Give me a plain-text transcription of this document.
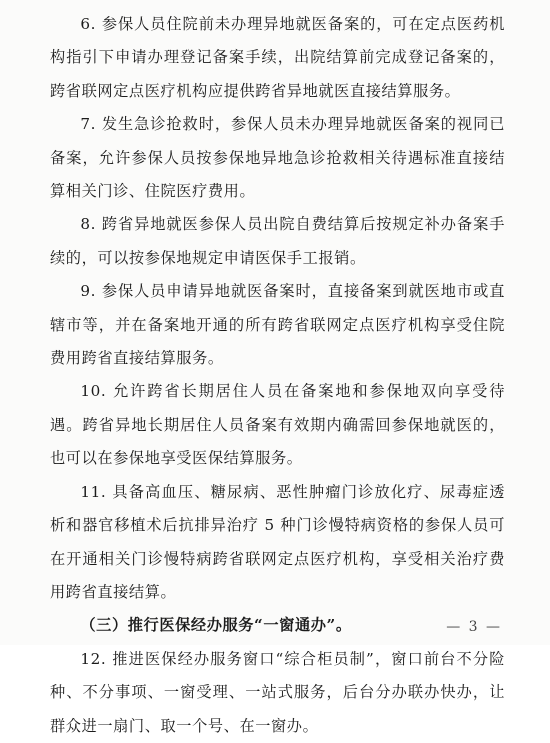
6. 参保人员住院前未办理异地就医备案的，可在定点医药机构指引下申请办理登记备案手续，出院结算前完成登记备案的，跨省联网定点医疗机构应提供跨省异地就医直接结算服务。

7. 发生急诊抢救时，参保人员未办理异地就医备案的视同已备案，允许参保人员按参保地异地急诊抢救相关待遇标准直接结算相关门诊、住院医疗费用。

8. 跨省异地就医参保人员出院自费结算后按规定补办备案手续的，可以按参保地规定申请医保手工报销。

9. 参保人员申请异地就医备案时，直接备案到就医地市或直辖市等，并在备案地开通的所有跨省联网定点医疗机构享受住院费用跨省直接结算服务。

10. 允许跨省长期居住人员在备案地和参保地双向享受待遇。跨省异地长期居住人员备案有效期内确需回参保地就医的，也可以在参保地享受医保结算服务。

11. 具备高血压、糖尿病、恶性肿瘤门诊放化疗、尿毒症透析和器官移植术后抗排异治疗 5 种门诊慢特病资格的参保人员可在开通相关门诊慢特病跨省联网定点医疗机构，享受相关治疗费用跨省直接结算。

（三）推行医保经办服务“一窗通办”。

12. 推进医保经办服务窗口“综合柜员制”，窗口前台不分险种、不分事项、一窗受理、一站式服务，后台分办联办快办，让群众进一扇门、取一个号、在一窗办。

— 3 —
